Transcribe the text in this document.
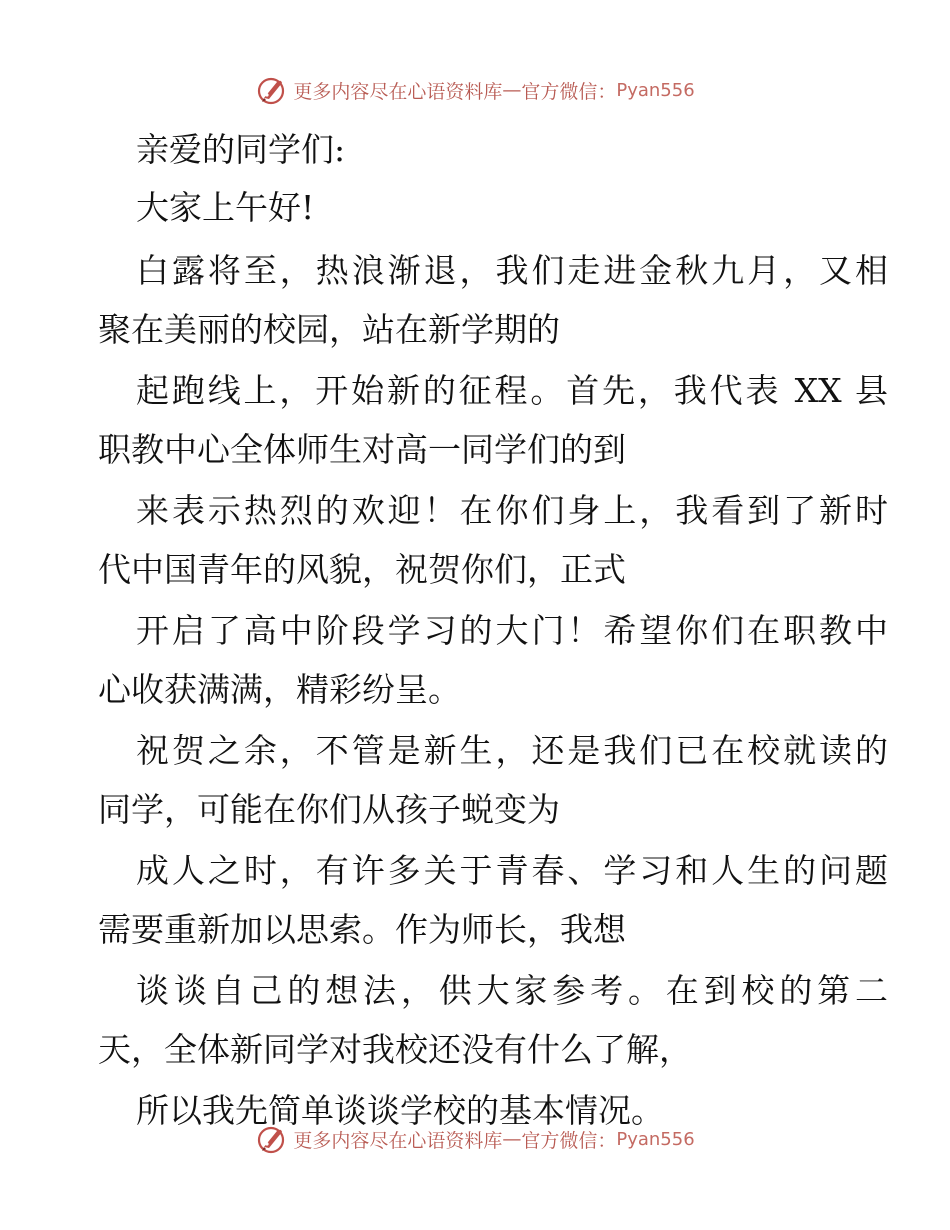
更多内容尽在心语资料库 — 官方微信： Pyan556
亲爱的同学们:
大家上午好!
白露将至，热浪渐退，我们走进金秋九月，又相
聚在美丽的校园，站在新学期的
起跑线上，开始新的征程。首先，我代表 XX 县
职教中心全体师生对高一同学们的到
来表示热烈的欢迎！在你们身上，我看到了新时
代中国青年的风貌，祝贺你们，正式
开启了高中阶段学习的大门！希望你们在职教中
心收获满满，精彩纷呈。
祝贺之余，不管是新生，还是我们已在校就读的
同学，可能在你们从孩子蜕变为
成人之时，有许多关于青春、学习和人生的问题
需要重新加以思索。作为师长，我想
谈谈自己的想法，供大家参考。在到校的第二
天，全体新同学对我校还没有什么了解，
所以我先简单谈谈学校的基本情况。
更多内容尽在心语资料库 — 官方微信： Pyan556
